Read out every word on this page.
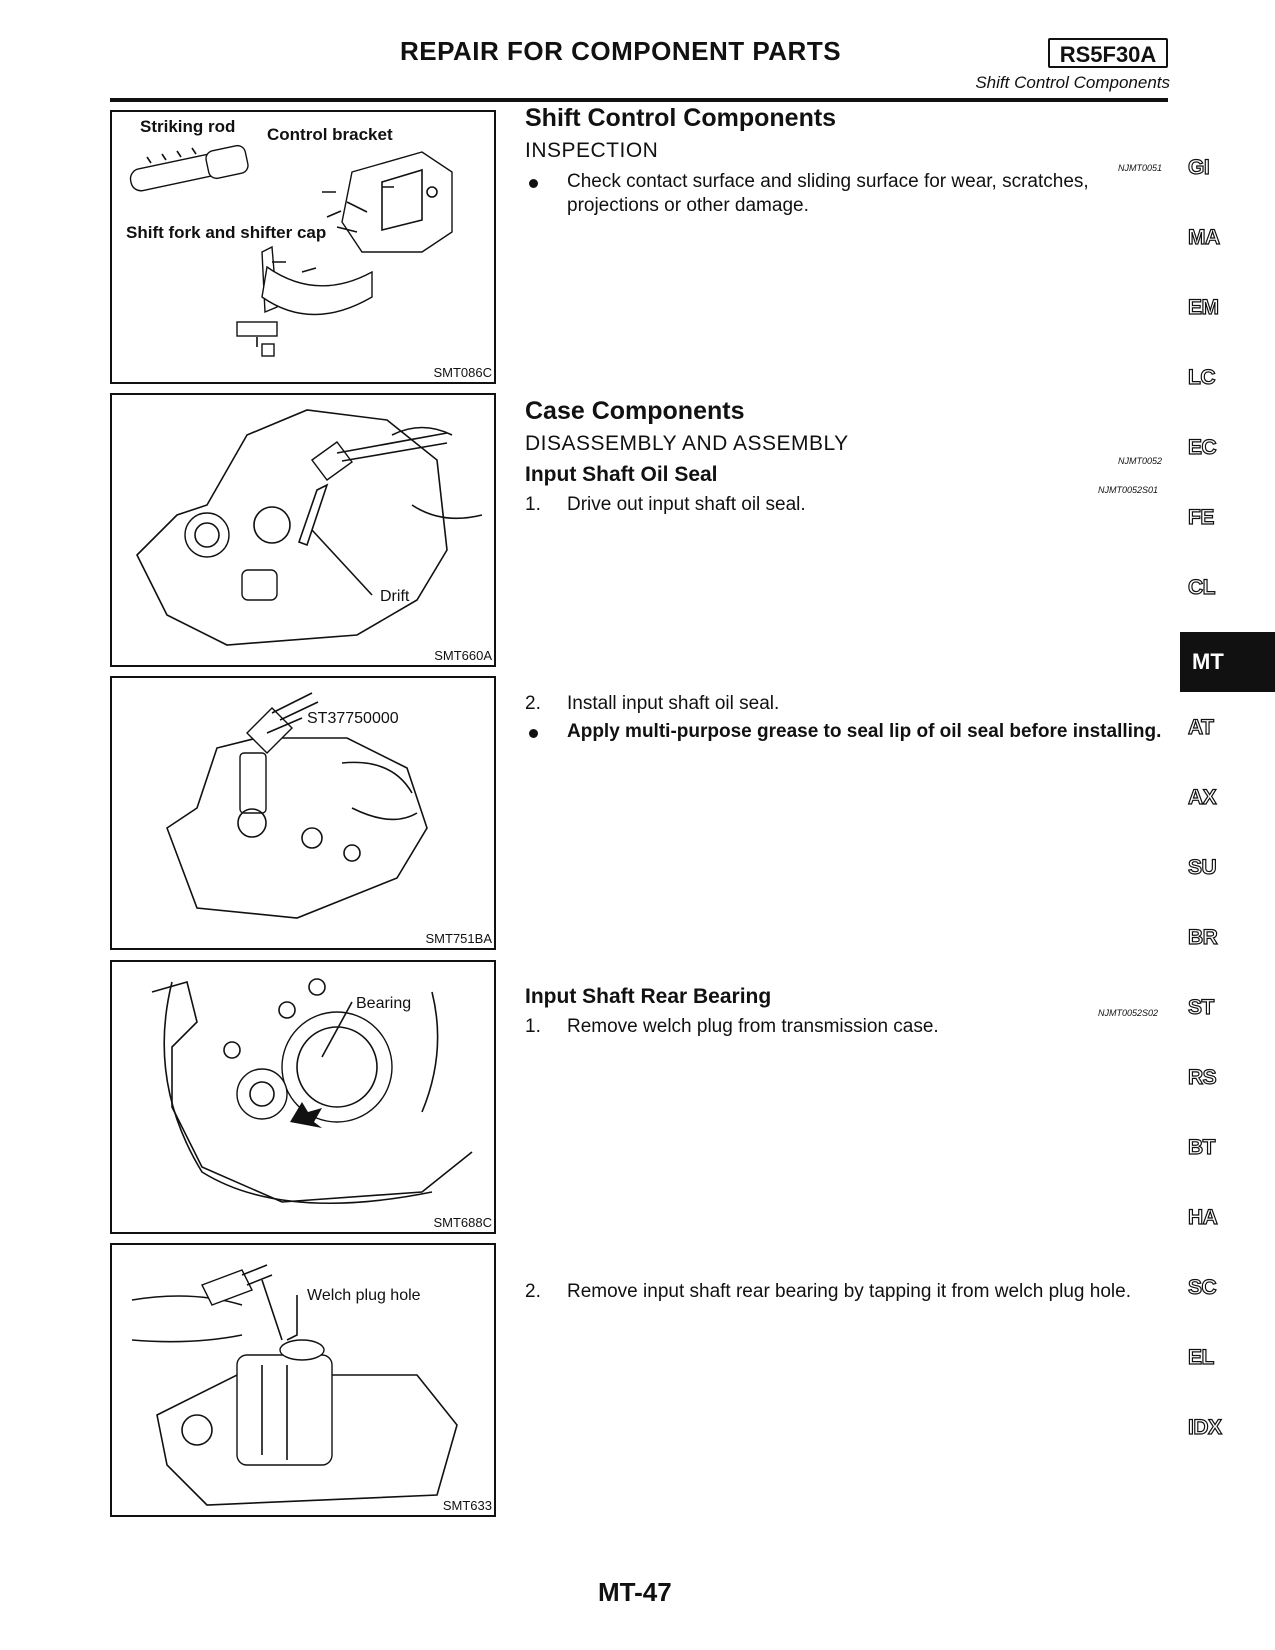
REPAIR FOR COMPONENT PARTS	RS5F30A
Shift Control Components
Striking rod Control bracket
Shift fork and shifter cap
SMT086C
Drift
SMT660A
ST37750000
SMT751BA
Bearing
SMT688C
Welch plug hole
SMT633
Shift Control Components
INSPECTION
NJMT0051
Check contact surface and sliding surface for wear, scratches, projections or other damage.
Case Components
DISASSEMBLY AND ASSEMBLY
NJMT0052
Input Shaft Oil Seal
NJMT0052S01
1. Drive out input shaft oil seal.
2. Install input shaft oil seal.
Apply multi-purpose grease to seal lip of oil seal before installing.
Input Shaft Rear Bearing
NJMT0052S02
1. Remove welch plug from transmission case.
2. Remove input shaft rear bearing by tapping it from welch plug hole.
GI
MA
EM
LC
EC
FE
CL
MT
AT
AX
SU
BR
ST
RS
BT
HA
SC
EL
IDX
MT-47
